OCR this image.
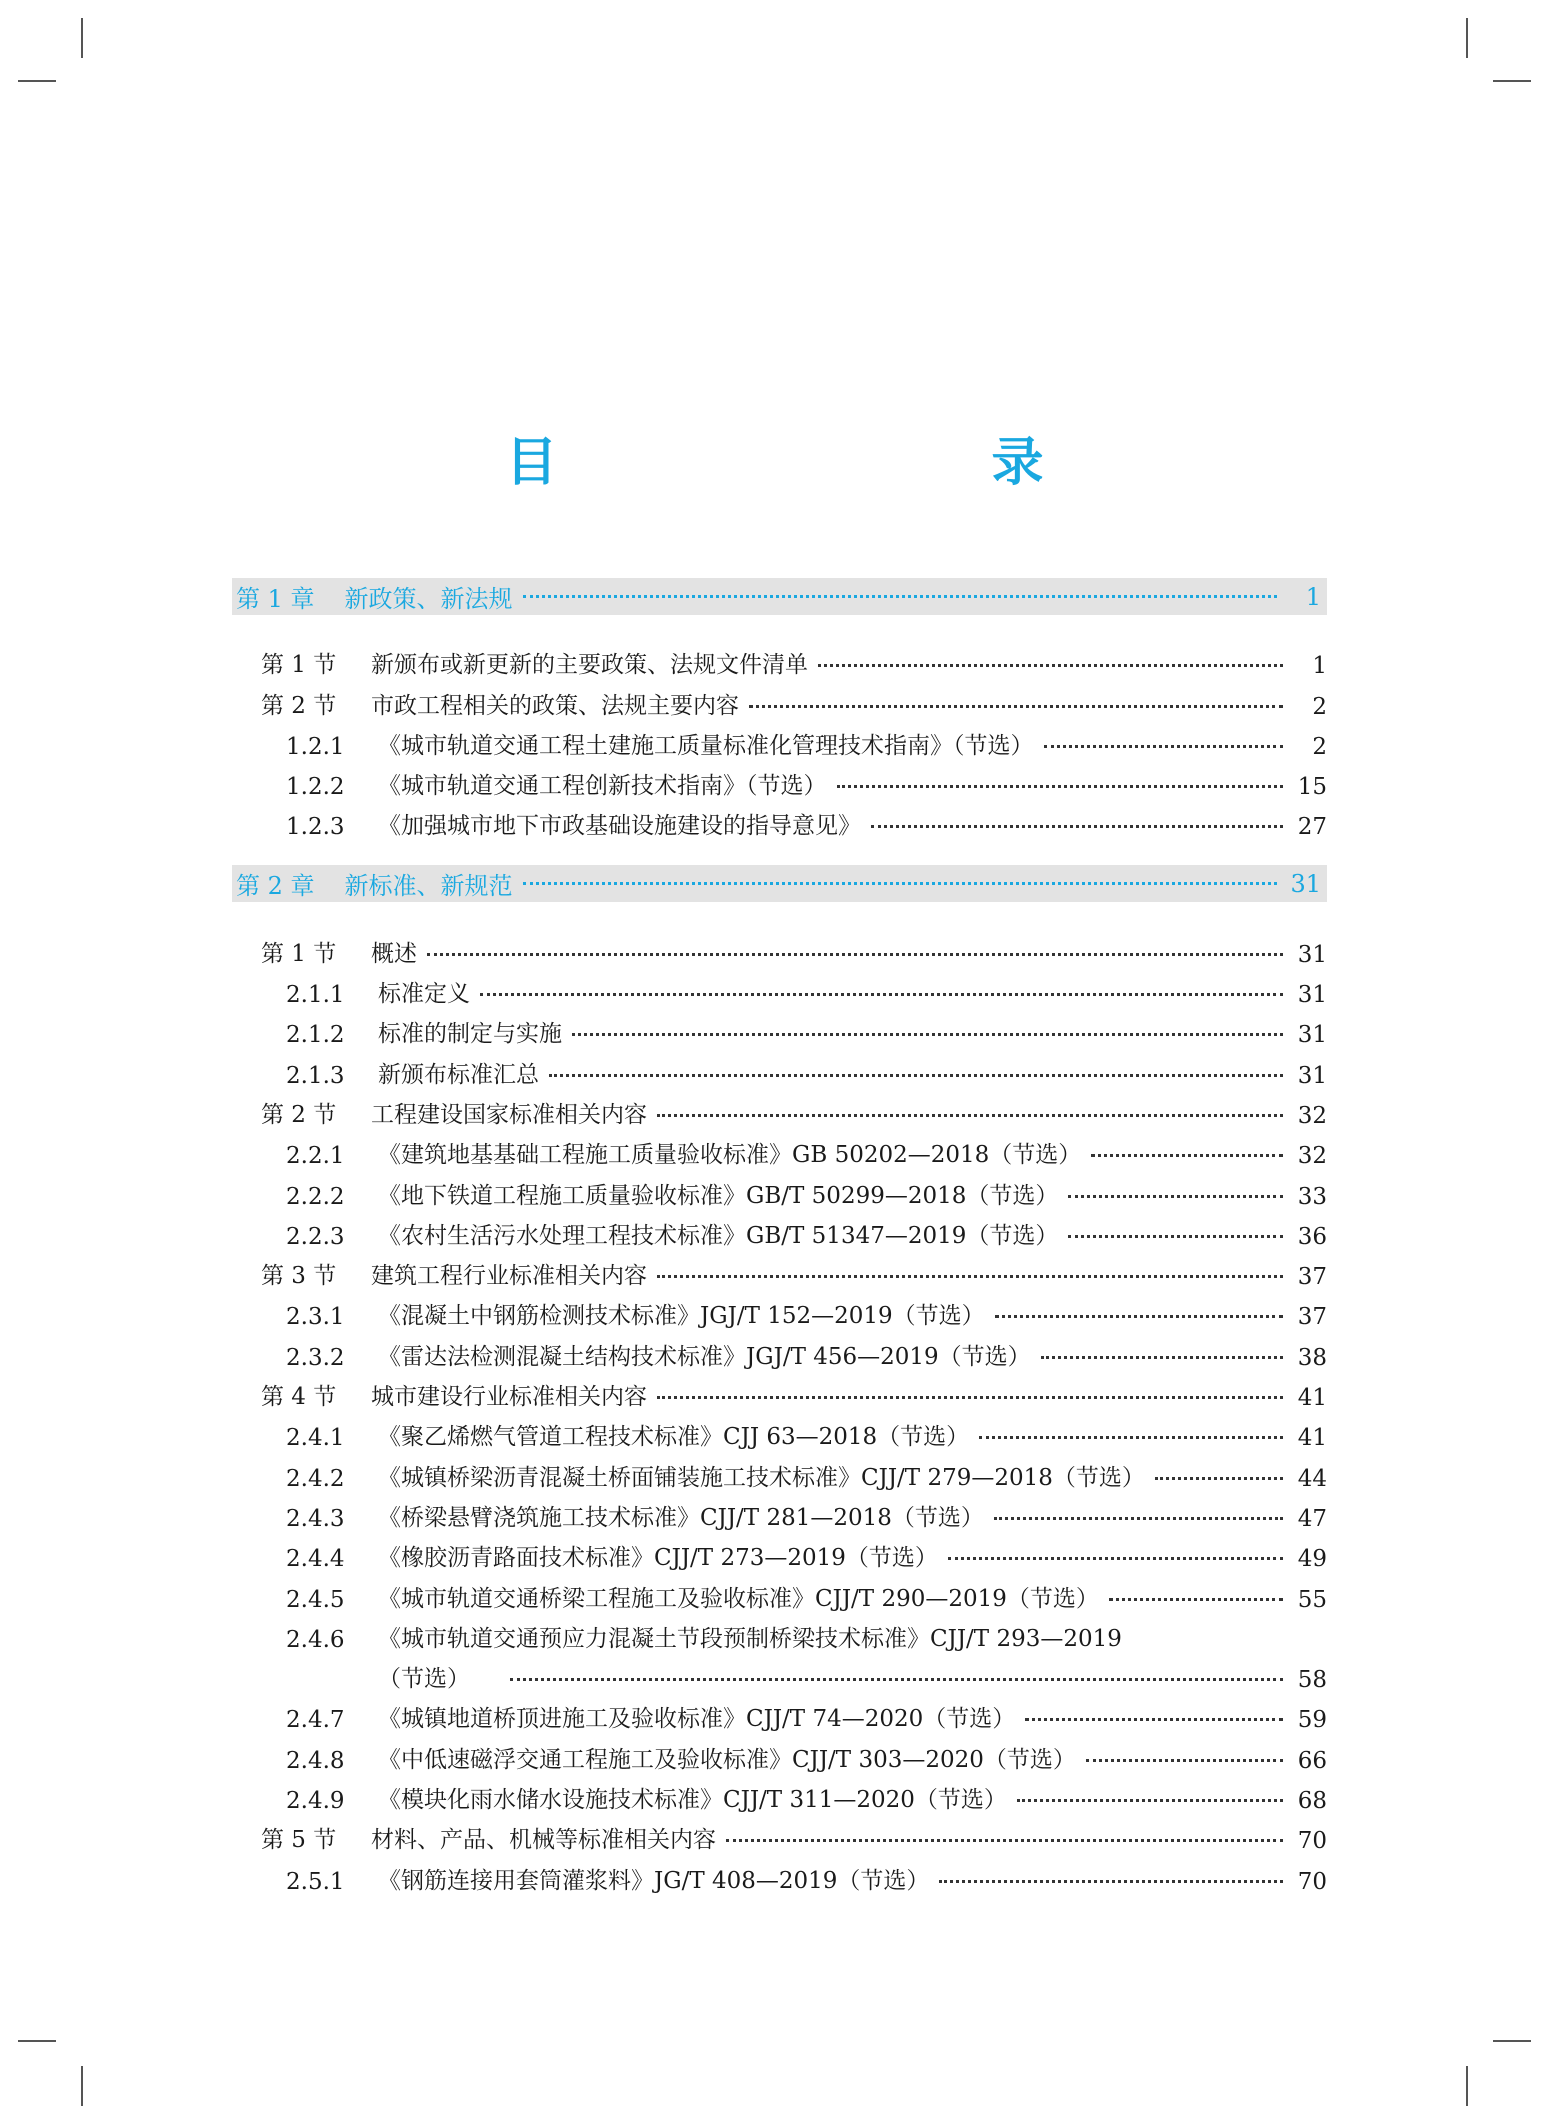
目　　录
第 1 章 新政策、新法规	1
第 1 节	新颁布或新更新的主要政策、法规文件清单	1
第 2 节	市政工程相关的政策、法规主要内容	2
1.2.1	《城市轨道交通工程土建施工质量标准化管理技术指南》（节选）	2
1.2.2	《城市轨道交通工程创新技术指南》（节选）	15
1.2.3	《加强城市地下市政基础设施建设的指导意见》	27
第 2 章 新标准、新规范	31
第 1 节	概述	31
2.1.1	标准定义	31
2.1.2	标准的制定与实施	31
2.1.3	新颁布标准汇总	31
第 2 节	工程建设国家标准相关内容	32
2.2.1	《建筑地基基础工程施工质量验收标准》GB 50202—2018（节选）	32
2.2.2	《地下铁道工程施工质量验收标准》GB/T 50299—2018（节选）	33
2.2.3	《农村生活污水处理工程技术标准》GB/T 51347—2019（节选）	36
第 3 节	建筑工程行业标准相关内容	37
2.3.1	《混凝土中钢筋检测技术标准》JGJ/T 152—2019（节选）	37
2.3.2	《雷达法检测混凝土结构技术标准》JGJ/T 456—2019（节选）	38
第 4 节	城市建设行业标准相关内容	41
2.4.1	《聚乙烯燃气管道工程技术标准》CJJ 63—2018（节选）	41
2.4.2	《城镇桥梁沥青混凝土桥面铺装施工技术标准》CJJ/T 279—2018（节选）	44
2.4.3	《桥梁悬臂浇筑施工技术标准》CJJ/T 281—2018（节选）	47
2.4.4	《橡胶沥青路面技术标准》CJJ/T 273—2019（节选）	49
2.4.5	《城市轨道交通桥梁工程施工及验收标准》CJJ/T 290—2019（节选）	55
2.4.6	《城市轨道交通预应力混凝土节段预制桥梁技术标准》CJJ/T 293—2019
（节选）	58
2.4.7	《城镇地道桥顶进施工及验收标准》CJJ/T 74—2020（节选）	59
2.4.8	《中低速磁浮交通工程施工及验收标准》CJJ/T 303—2020（节选）	66
2.4.9	《模块化雨水储水设施技术标准》CJJ/T 311—2020（节选）	68
第 5 节	材料、产品、机械等标准相关内容	70
2.5.1	《钢筋连接用套筒灌浆料》JG/T 408—2019（节选）	70
